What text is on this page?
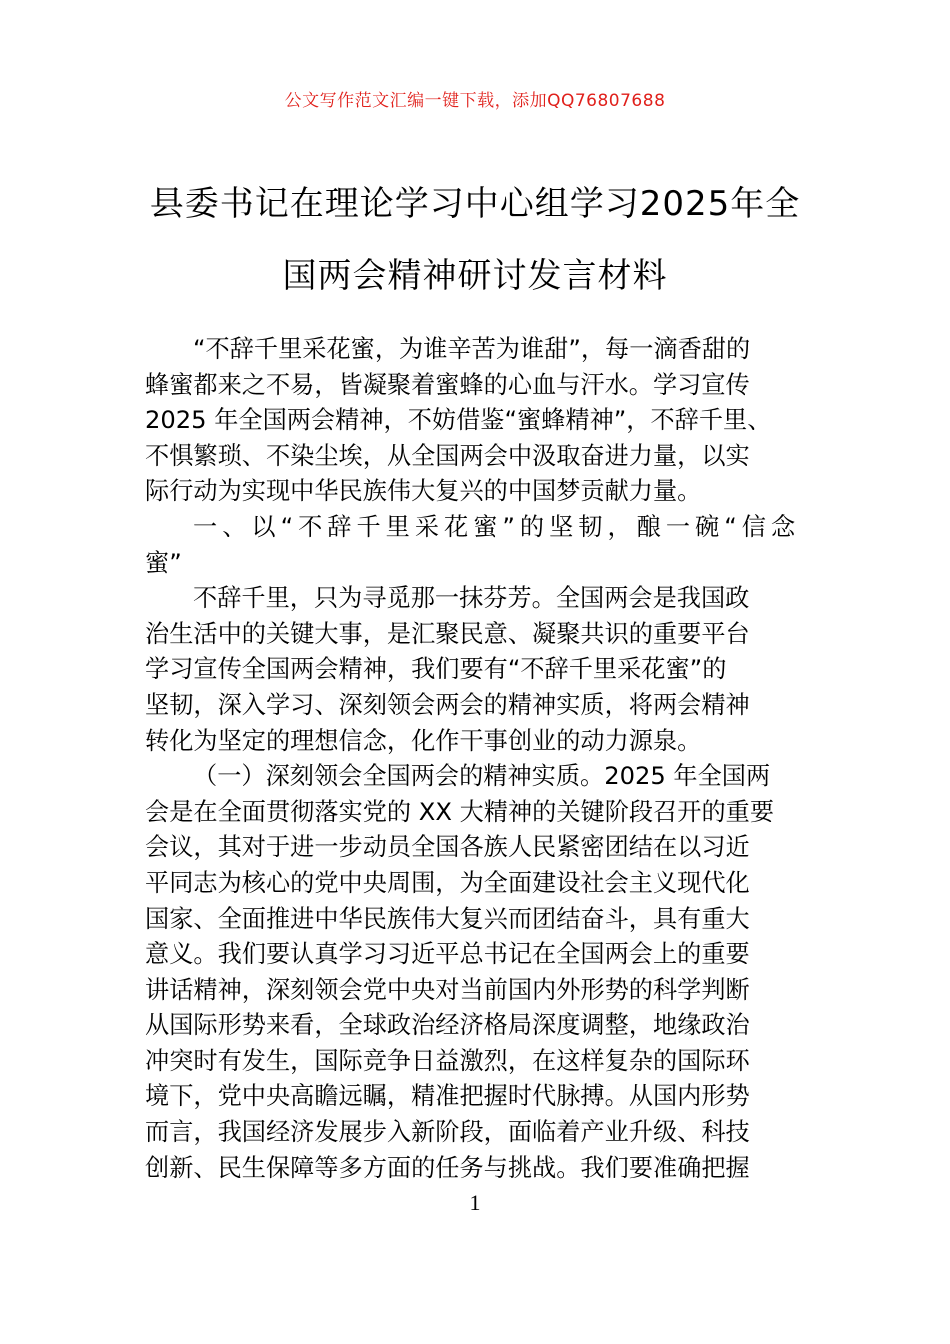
公文写作范文汇编一键下载，添加QQ76807688
县委书记在理论学习中心组学习2025年全
国两会精神研讨发言材料
“不辞千里采花蜜，为谁辛苦为谁甜”，每一滴香甜的
蜂蜜都来之不易，皆凝聚着蜜蜂的心血与汗水。学习宣传
2025 年全国两会精神，不妨借鉴“蜜蜂精神”，不辞千里、
不惧繁琐、不染尘埃，从全国两会中汲取奋进力量，以实
际行动为实现中华民族伟大复兴的中国梦贡献力量。
一、以“不辞千里采花蜜”的坚韧，酿一碗“信念
蜜”
不辞千里，只为寻觅那一抹芬芳。全国两会是我国政
治生活中的关键大事，是汇聚民意、凝聚共识的重要平台
学习宣传全国两会精神，我们要有“不辞千里采花蜜”的
坚韧，深入学习、深刻领会两会的精神实质，将两会精神
转化为坚定的理想信念，化作干事创业的动力源泉。
（一）深刻领会全国两会的精神实质。2025 年全国两
会是在全面贯彻落实党的 XX 大精神的关键阶段召开的重要
会议，其对于进一步动员全国各族人民紧密团结在以习近
平同志为核心的党中央周围，为全面建设社会主义现代化
国家、全面推进中华民族伟大复兴而团结奋斗，具有重大
意义。我们要认真学习习近平总书记在全国两会上的重要
讲话精神，深刻领会党中央对当前国内外形势的科学判断
从国际形势来看，全球政治经济格局深度调整，地缘政治
冲突时有发生，国际竞争日益激烈，在这样复杂的国际环
境下，党中央高瞻远瞩，精准把握时代脉搏。从国内形势
而言，我国经济发展步入新阶段，面临着产业升级、科技
创新、民生保障等多方面的任务与挑战。我们要准确把握
1
